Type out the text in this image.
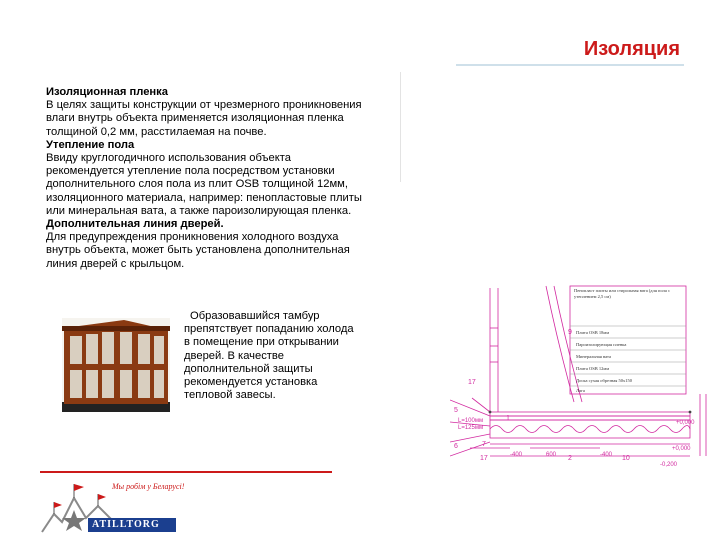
Изоляция

Изоляционная пленка

В целях защиты конструкции от чрезмерного проникновения влаги внутрь объекта применяется изоляционная пленка толщиной 0,2 мм, расстилаемая на почве.

Утепление пола

Ввиду круглогодичного использования объекта рекомендуется утепление пола посредством установки дополнительного слоя пола из плит OSB толщиной 12мм, изоляционного материала, например: пенопластовые плиты или минеральная вата, а также пароизолирующая пленка.

Дополнительная линия дверей.

Для предупреждения проникновения холодного воздуха внутрь объекта, может быть установлена дополнительная линия дверей с крыльцом.

Образовавшийся тамбур препятствует попаданию холода в помещение при открывании дверей. В качестве дополнительной защиты рекомендуется установка тепловой завесы.
Мы робім у Беларусі!
ATILLTORG
17
1
5
6	7
17
9
10
2
L=100мм
L=125мм
-400	600	-400
+0,000
+0,000
-0,200
Пенопласт плиты или стирольная вата (для пола с утеплением 2,5 см)
Плита OSB 18мм
Пароизолирующая пленка
Минеральная вата
Плита OSB 12мм
Доска сухая обрезная 50x150
Лага
